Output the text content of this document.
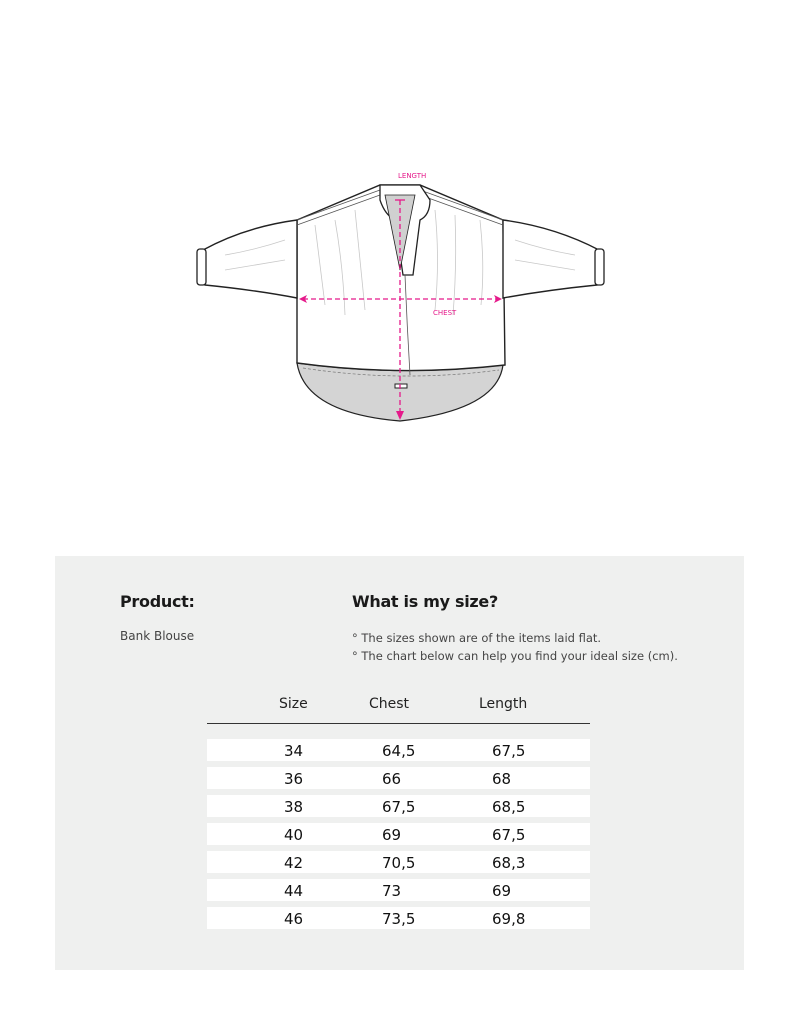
LENGTH
CHEST
Product:
Bank Blouse
What is my size?
° The sizes shown are of the items laid flat.
° The chart below can help you find your ideal size (cm).
Size	Chest	Length
34	64,5	67,5
36	66	68
38	67,5	68,5
40	69	67,5
42	70,5	68,3
44	73	69
46	73,5	69,8
